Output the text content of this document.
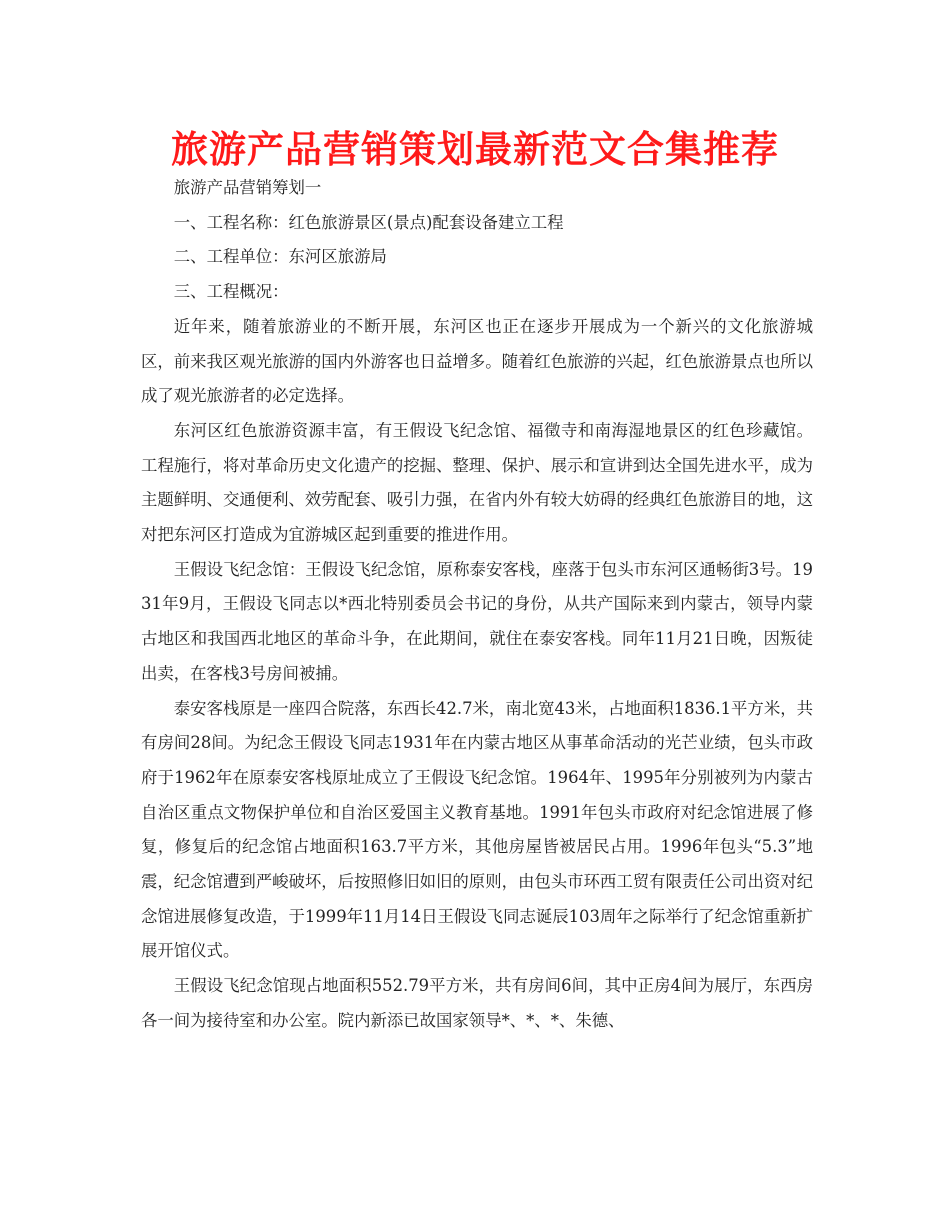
旅游产品营销策划最新范文合集推荐

旅游产品营销筹划一

一、工程名称：红色旅游景区(景点)配套设备建立工程

二、工程单位：东河区旅游局

三、工程概况：

近年来，随着旅游业的不断开展，东河区也正在逐步开展成为一个新兴的文化旅游城区，前来我区观光旅游的国内外游客也日益增多。随着红色旅游的兴起，红色旅游景点也所以成了观光旅游者的必定选择。

东河区红色旅游资源丰富，有王假设飞纪念馆、福徵寺和南海湿地景区的红色珍藏馆。工程施行，将对革命历史文化遗产的挖掘、整理、保护、展示和宣讲到达全国先进水平，成为主题鲜明、交通便利、效劳配套、吸引力强，在省内外有较大妨碍的经典红色旅游目的地，这对把东河区打造成为宜游城区起到重要的推进作用。

王假设飞纪念馆：王假设飞纪念馆，原称泰安客栈，座落于包头市东河区通畅街3号。1931年9月，王假设飞同志以*西北特别委员会书记的身份，从共产国际来到内蒙古，领导内蒙古地区和我国西北地区的革命斗争，在此期间，就住在泰安客栈。同年11月21日晚，因叛徒出卖，在客栈3号房间被捕。

泰安客栈原是一座四合院落，东西长42.7米，南北宽43米，占地面积1836.1平方米，共有房间28间。为纪念王假设飞同志1931年在内蒙古地区从事革命活动的光芒业绩，包头市政府于1962年在原泰安客栈原址成立了王假设飞纪念馆。1964年、1995年分别被列为内蒙古自治区重点文物保护单位和自治区爱国主义教育基地。1991年包头市政府对纪念馆进展了修复，修复后的纪念馆占地面积163.7平方米，其他房屋皆被居民占用。1996年包头“5.3”地震，纪念馆遭到严峻破坏，后按照修旧如旧的原则，由包头市环西工贸有限责任公司出资对纪念馆进展修复改造，于1999年11月14日王假设飞同志诞辰103周年之际举行了纪念馆重新扩展开馆仪式。

王假设飞纪念馆现占地面积552.79平方米，共有房间6间，其中正房4间为展厅，东西房各一间为接待室和办公室。院内新添已故国家领导*、*、*、朱德、
